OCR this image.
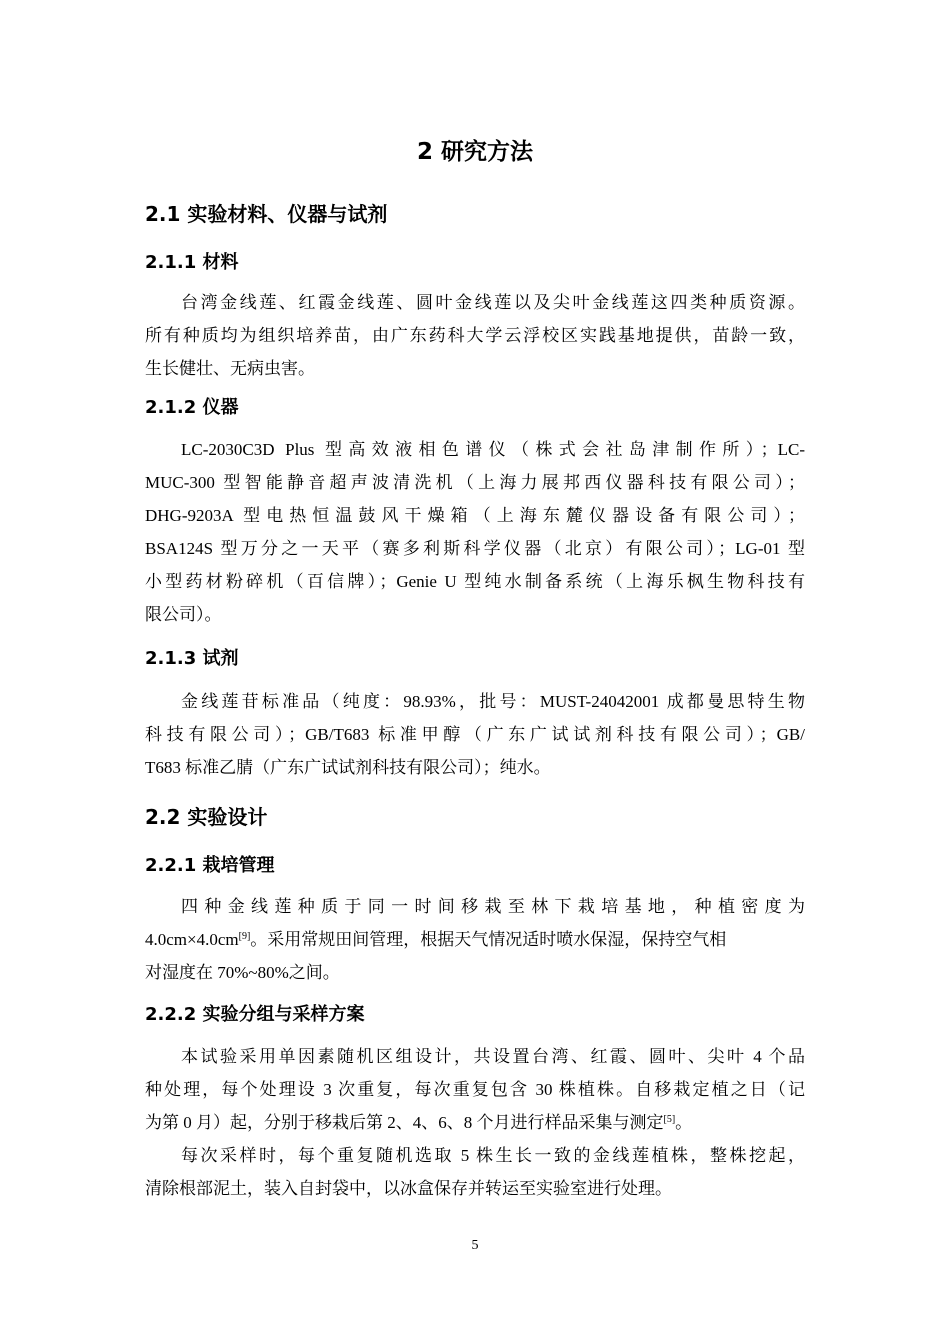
2 研究方法
2.1 实验材料、仪器与试剂
2.1.1 材料
台湾金线莲、红霞金线莲、圆叶金线莲以及尖叶金线莲这四类种质资源。
所有种质均为组织培养苗，由广东药科大学云浮校区实践基地提供，苗龄一致，
生长健壮、无病虫害。
2.1.2 仪器
LC-2030C3D Plus 型高效液相色谱仪（株式会社岛津制作所）；LC-
MUC-300 型智能静音超声波清洗机（上海力展邦西仪器科技有限公司）；
DHG-9203A 型电热恒温鼓风干燥箱（上海东麓仪器设备有限公司）；
BSA124S 型万分之一天平（赛多利斯科学仪器（北京）有限公司）；LG-01 型
小型药材粉碎机（百信牌）；Genie U 型纯水制备系统（上海乐枫生物科技有
限公司）。
2.1.3 试剂
金线莲苷标准品（纯度：98.93%，批号：MUST-24042001 成都曼思特生物
科技有限公司）；GB/T683 标准甲醇（广东广试试剂科技有限公司）；GB/
T683 标准乙腈（广东广试试剂科技有限公司）；纯水。
2.2 实验设计
2.2.1 栽培管理
四种金线莲种质于同一时间移栽至林下栽培基地，种植密度为
4.0cm×4.0cm[9]。采用常规田间管理，根据天气情况适时喷水保湿，保持空气相
对湿度在 70%~80%之间。
2.2.2 实验分组与采样方案
本试验采用单因素随机区组设计，共设置台湾、红霞、圆叶、尖叶 4 个品
种处理，每个处理设 3 次重复，每次重复包含 30 株植株。自移栽定植之日（记
为第 0 月）起，分别于移栽后第 2、4、6、8 个月进行样品采集与测定[5]。
每次采样时，每个重复随机选取 5 株生长一致的金线莲植株，整株挖起，
清除根部泥土，装入自封袋中，以冰盒保存并转运至实验室进行处理。
5
